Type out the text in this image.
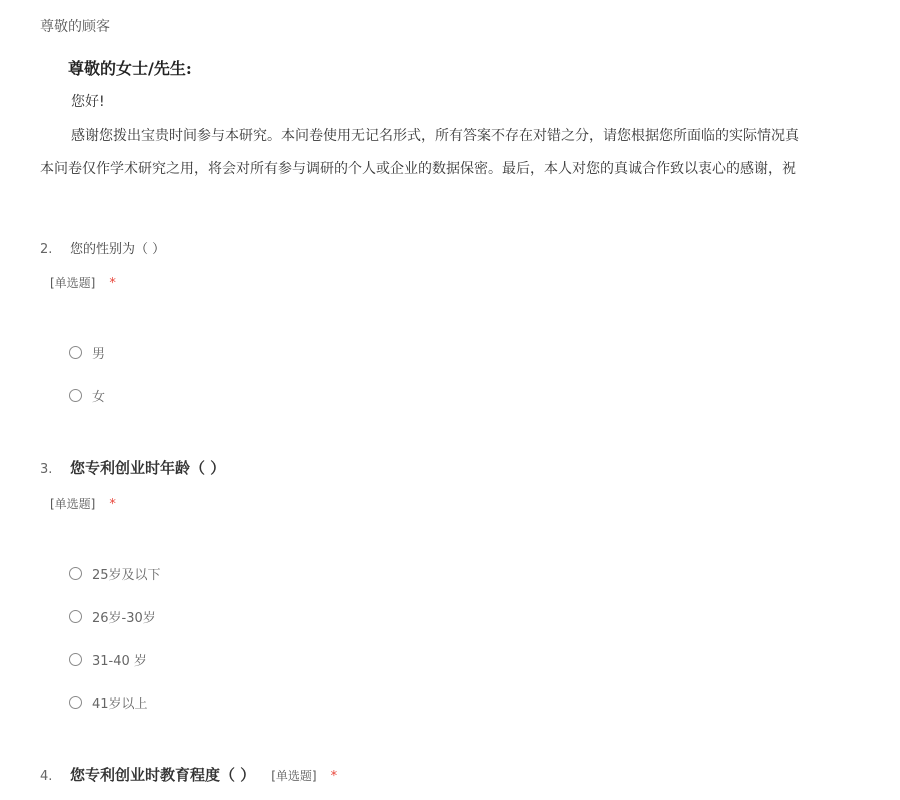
尊敬的顾客
尊敬的女士/先生:
您好!
感谢您拨出宝贵时间参与本研究。本问卷使用无记名形式，所有答案不存在对错之分，请您根据您所面临的实际情况真
本问卷仅作学术研究之用，将会对所有参与调研的个人或企业的数据保密。最后，本人对您的真诚合作致以衷心的感谢，祝
2.	您的性别为（ ）
[单选题] *
男
女
3.	您专利创业时年龄（ ）
[单选题] *
25岁及以下
26岁-30岁
31-40 岁
41岁以上
4.	您专利创业时教育程度（ ） [单选题] *
